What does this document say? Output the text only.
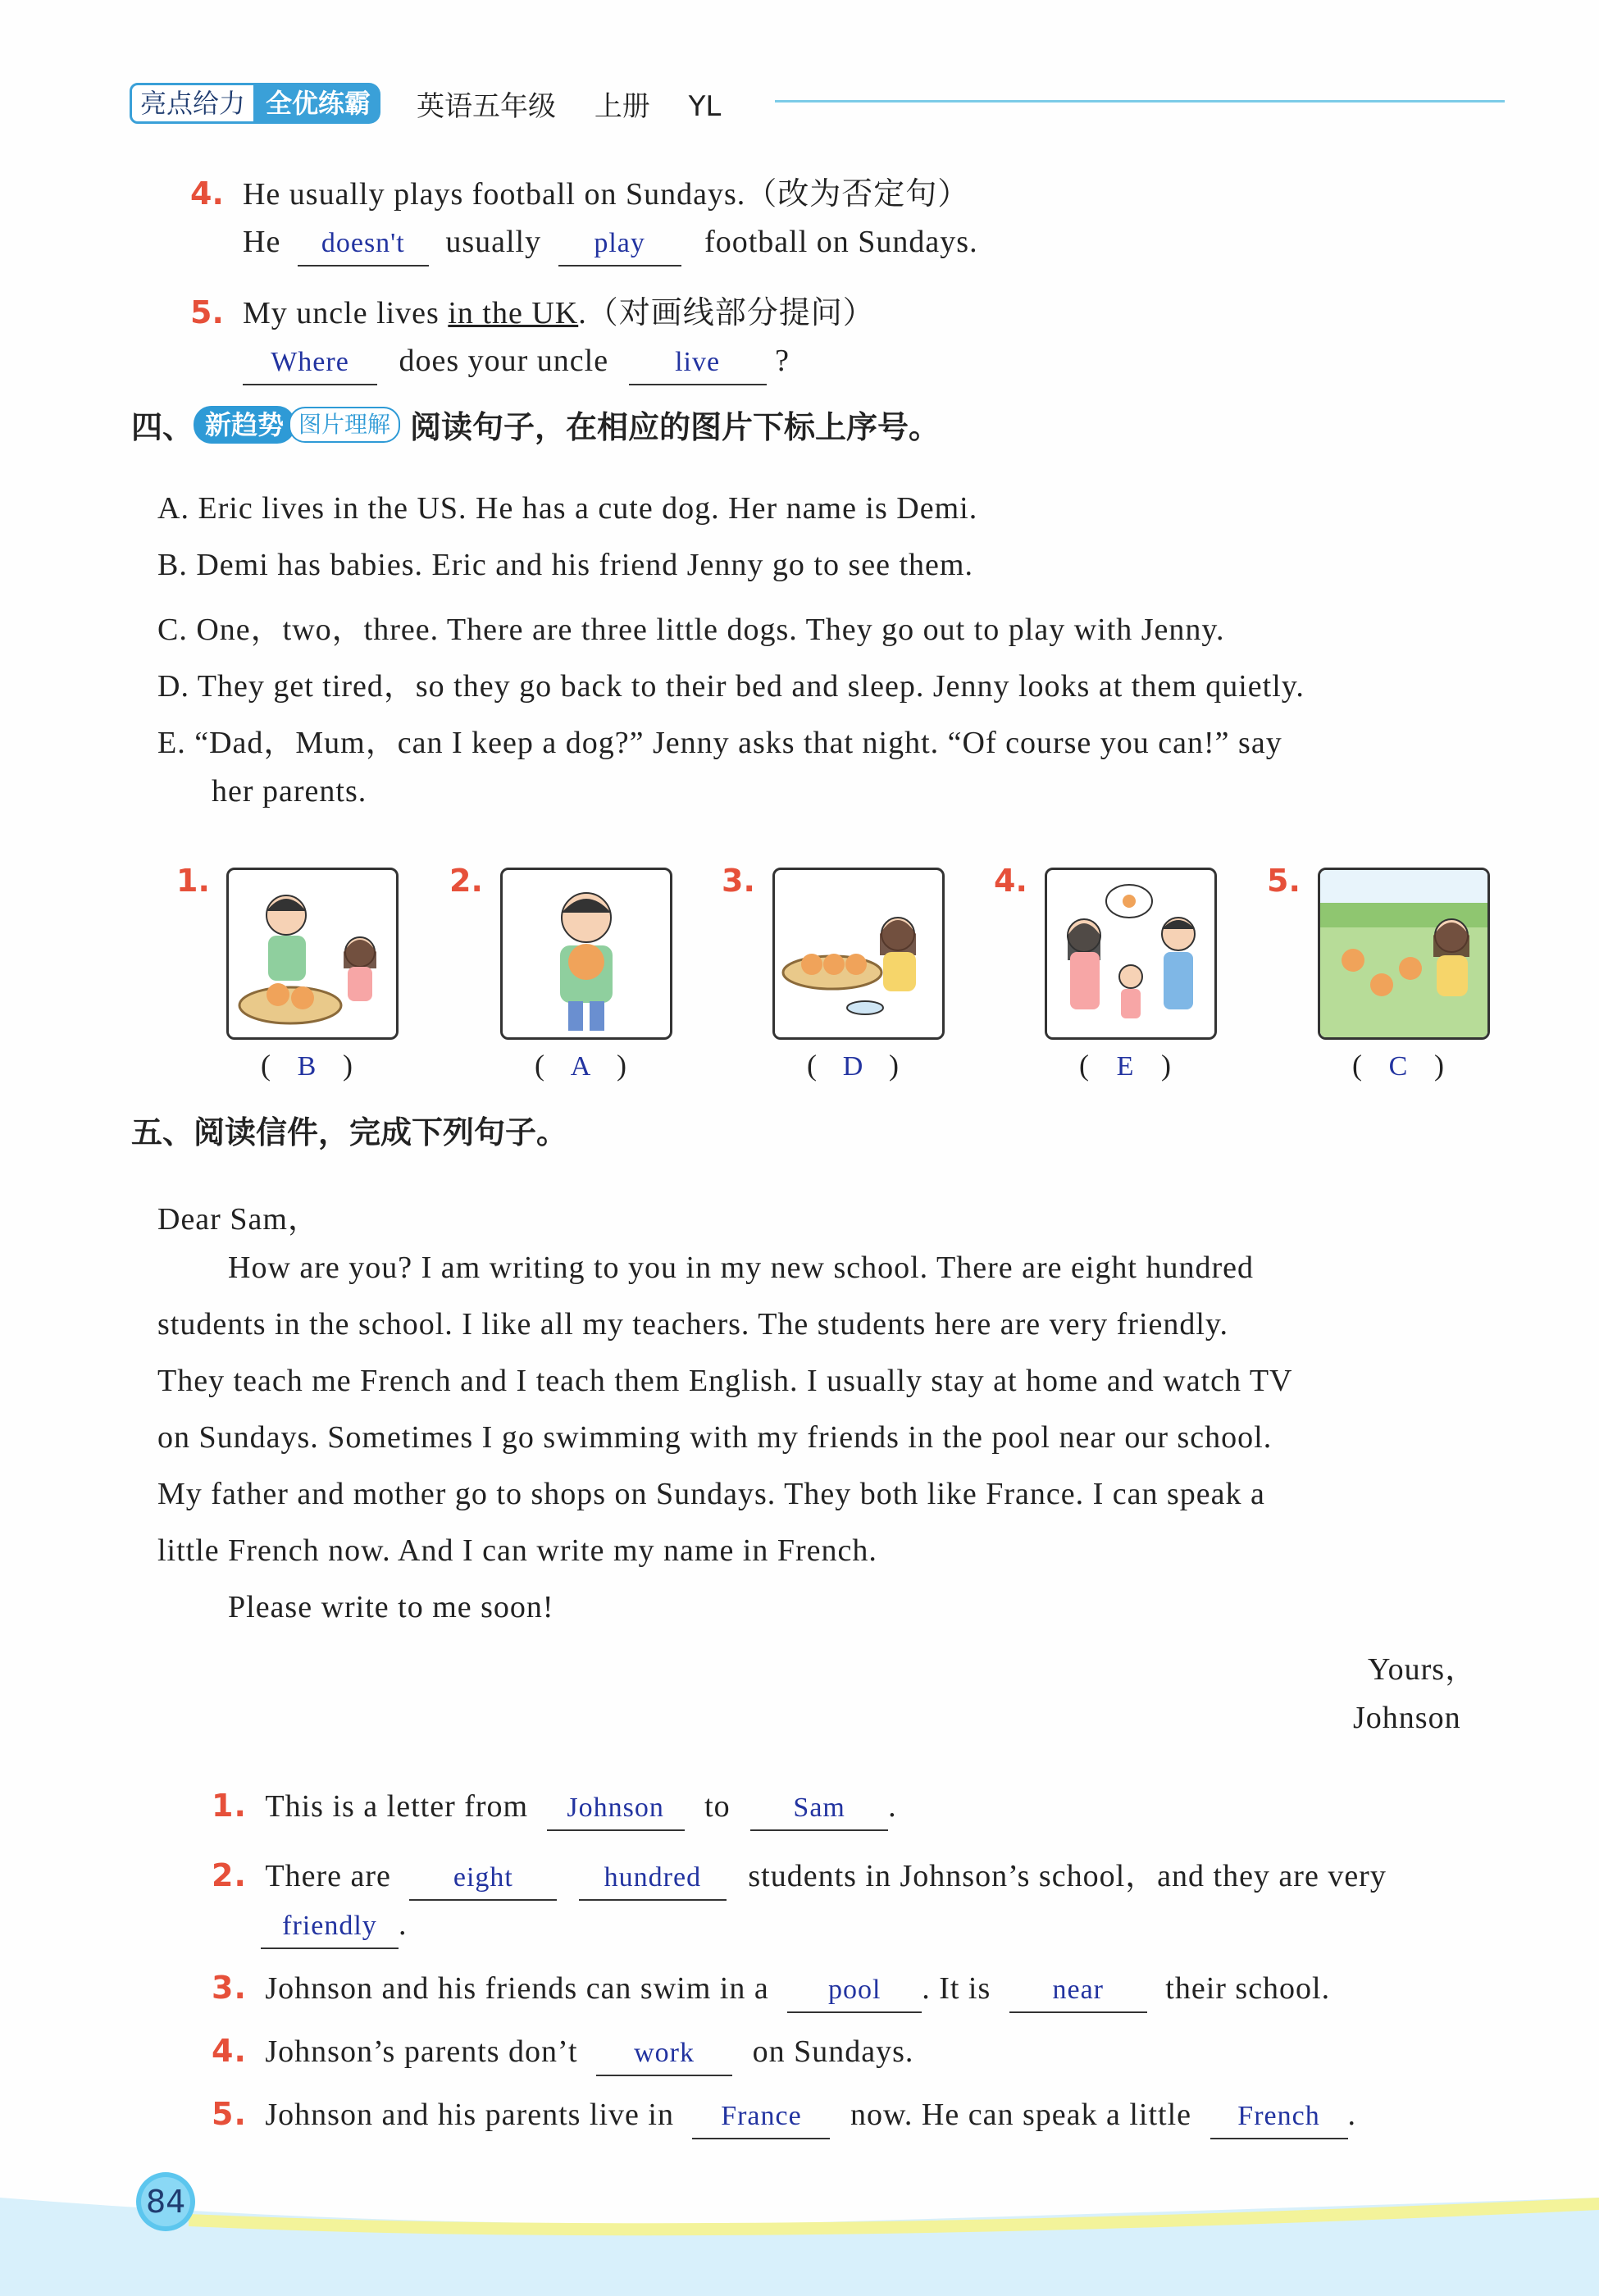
亮点给力 全优练霸	英语五年级 上册 YL
4. He usually plays football on Sundays.（改为否定句）
He doesn't usually play football on Sundays.
5. My uncle lives in the UK.（对画线部分提问）
Where does your uncle live ?
四、 新趋势 图片理解 阅读句子，在相应的图片下标上序号。
A. Eric lives in the US. He has a cute dog. Her name is Demi.
B. Demi has babies. Eric and his friend Jenny go to see them.
C. One，two，three. There are three little dogs. They go out to play with Jenny.
D. They get tired，so they go back to their bed and sleep. Jenny looks at them quietly.
E. “Dad，Mum，can I keep a dog?” Jenny asks that night. “Of course you can!” say
her parents.
1.
( B )
2.
( A )
3.
( D )
4.
( E )
5.
( C )
五、阅读信件，完成下列句子。
Dear Sam，
How are you? I am writing to you in my new school. There are eight hundred
students in the school. I like all my teachers. The students here are very friendly.
They teach me French and I teach them English. I usually stay at home and watch TV
on Sundays. Sometimes I go swimming with my friends in the pool near our school.
My father and mother go to shops on Sundays. They both like France. I can speak a
little French now. And I can write my name in French.
Please write to me soon!
Yours，
Johnson
1. This is a letter from Johnson to Sam .
2. There are eight	hundred students in Johnson’s school，and they are very
friendly .
3. Johnson and his friends can swim in a pool . It is near their school.
4. Johnson’s parents don’t work on Sundays.
5. Johnson and his parents live in France now. He can speak a little French .
84
